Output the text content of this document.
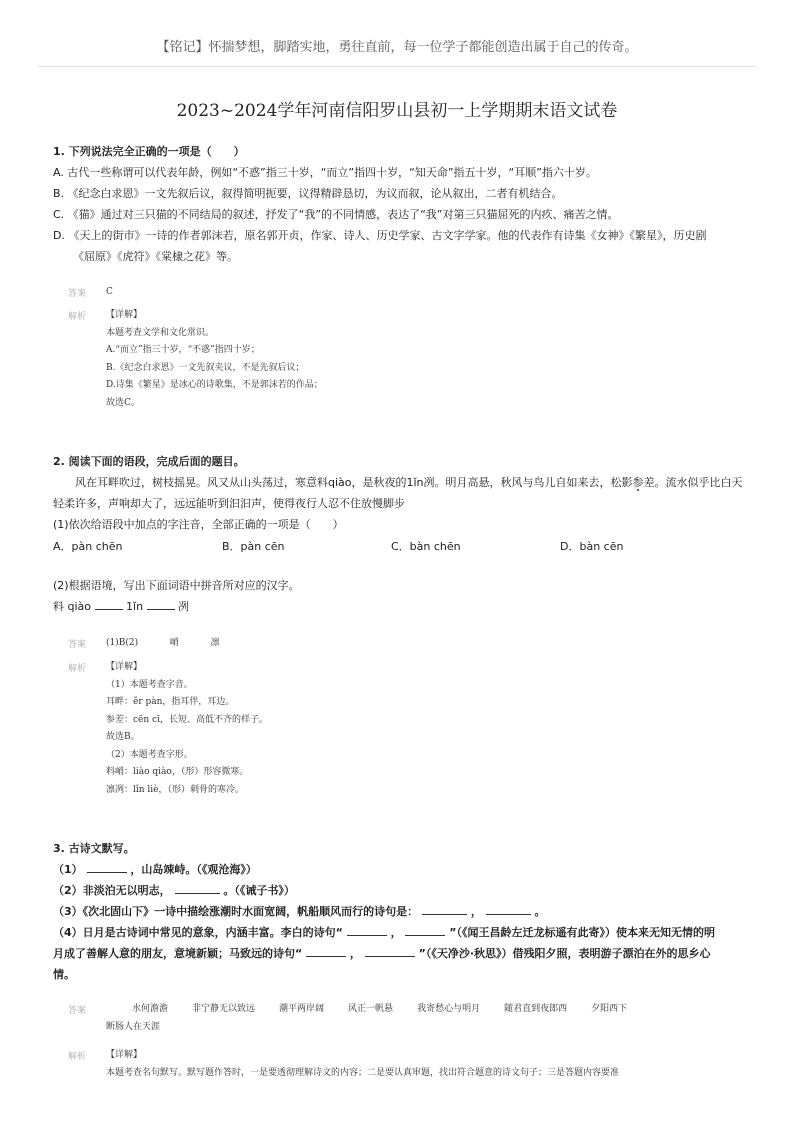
【铭记】怀揣梦想，脚踏实地，勇往直前，每一位学子都能创造出属于自己的传奇。
2023~2024学年河南信阳罗山县初一上学期期末语文试卷
1. 下列说法完全正确的一项是（　　）
A. 古代一些称谓可以代表年龄，例如“不惑”指三十岁，“而立”指四十岁，“知天命”指五十岁，“耳顺”指六十岁。
B. 《纪念白求恩》一文先叙后议，叙得简明扼要，议得精辟恳切，为议而叙，论从叙出，二者有机结合。
C. 《猫》通过对三只猫的不同结局的叙述，抒发了“我”的不同情感，表达了“我”对第三只猫屈死的内疚、痛苦之情。
D. 《天上的街市》一诗的作者郭沫若，原名郭开贞，作家、诗人、历史学家、古文字学家。他的代表作有诗集《女神》《繁星》，历史剧
《屈原》《虎符》《棠棣之花》等。
答案 C
解析 【详解】
本题考查文学和文化常识。
A.“而立”指三十岁，“不惑”指四十岁；
B.《纪念白求恩》一文先叙夹议，不是先叙后议；
D.诗集《繁星》是冰心的诗歌集，不是郭沫若的作品；
故选C。
2. 阅读下面的语段，完成后面的题目。
风在耳畔吹过，树枝摇晃。风又从山头荡过，寒意料qiào，是秋夜的1ǐn冽。明月高悬，秋风与鸟儿自如来去，松影参差。流水似乎比白天
轻柔许多，声响却大了，远远能听到汩汩声，使得夜行人忍不住放慢脚步
(1)依次给语段中加点的字注音，全部正确的一项是（　　）
A．pàn chēn	B．pàn cēn	C．bàn chēn	D．bàn cēn
(2)根据语境，写出下面词语中拼音所对应的汉字。
料 qiào	1ǐn	冽
答案 (1)B(2)	峭	凛
解析 【详解】
（1）本题考查字音。
耳畔：ěr pàn，指耳伴，耳边。
参差：cēn cī，长短、高低不齐的样子。
故选B。
（2）本题考查字形。
料峭：liào qiào，（形）形容微寒。
凛冽：lǐn liè，（形）刺骨的寒冷。
3. 古诗文默写。
（1）	，山岛竦峙。（《观沧海》）
（2）非淡泊无以明志，	。（《诫子书》）
（3）《次北固山下》一诗中描绘涨潮时水面宽阔，帆船顺风而行的诗句是：	，	。
（4）日月是古诗词中常见的意象，内涵丰富。李白的诗句“	，	”（《闻王昌龄左迁龙标遥有此寄》）使本来无知无情的明
月成了善解人意的朋友，意境新颖；马致远的诗句“	，	”（《天净沙·秋思》）借残阳夕照，表明游子漂泊在外的思乡心
情。
答案	水何澹澹	非宁静无以致远	潮平两岸阔	风正一帆悬	我寄愁心与明月	随君直到夜郎西	夕阳西下
断肠人在天涯
解析 【详解】
本题考查名句默写。默写题作答时，一是要透彻理解诗文的内容；二是要认真审题，找出符合题意的诗文句子；三是答题内容要准
